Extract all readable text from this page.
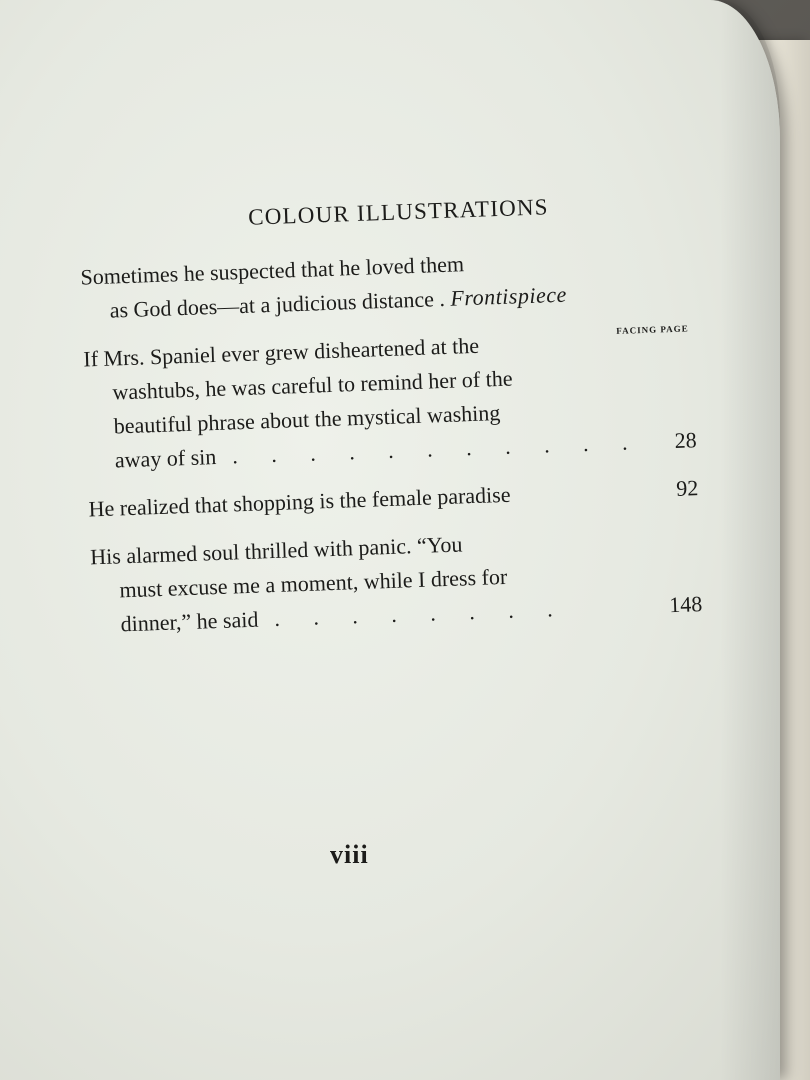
COLOUR ILLUSTRATIONS
Sometimes he suspected that he loved them
as God does—at a judicious distance . Frontispiece
FACING PAGE
If Mrs. Spaniel ever grew disheartened at the
washtubs, he was careful to remind her of the
beautiful phrase about the mystical washing
away of sin . . . . . . . . . . .	28
He realized that shopping is the female paradise	92
His alarmed soul thrilled with panic. “You
must excuse me a moment, while I dress for
dinner,” he said . . . . . . . .	148
viii
